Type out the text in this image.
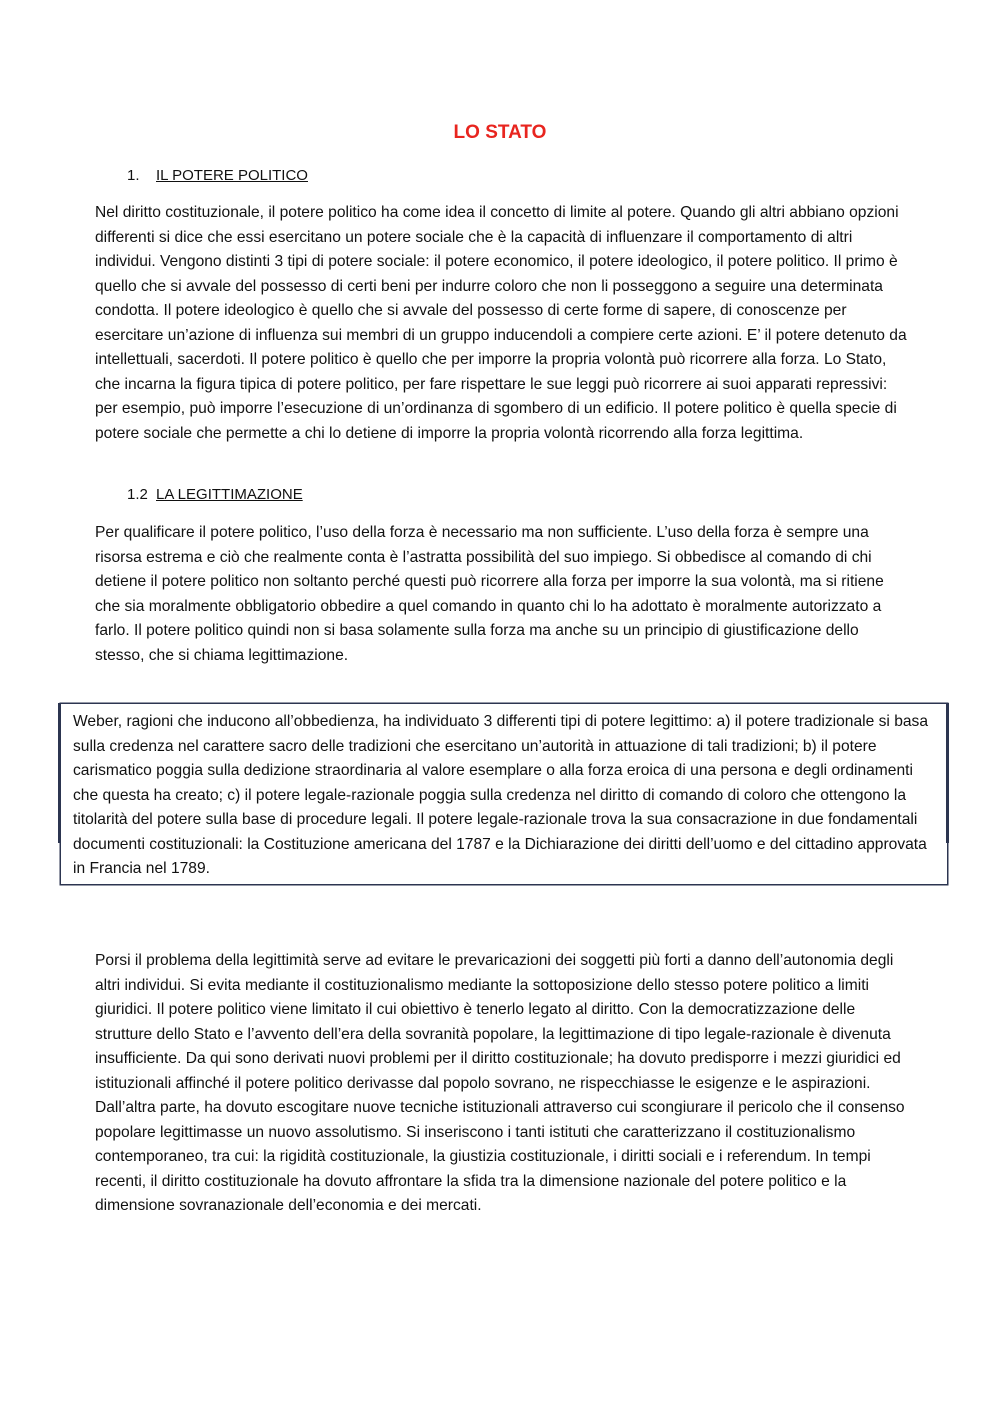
LO STATO
1.	IL POTERE POLITICO

Nel diritto costituzionale, il potere politico ha come idea il concetto di limite al potere. Quando gli altri abbiano opzioni differenti si dice che essi esercitano un potere sociale che è la capacità di influenzare il comportamento di altri individui. Vengono distinti 3 tipi di potere sociale: il potere economico, il potere ideologico, il potere politico. Il primo è quello che si avvale del possesso di certi beni per indurre coloro che non li posseggono a seguire una determinata condotta. Il potere ideologico è quello che si avvale del possesso di certe forme di sapere, di conoscenze per esercitare un’azione di influenza sui membri di un gruppo inducendoli a compiere certe azioni. E’ il potere detenuto da intellettuali, sacerdoti. Il potere politico è quello che per imporre la propria volontà può ricorrere alla forza. Lo Stato, che incarna la figura tipica di potere politico, per fare rispettare le sue leggi può ricorrere ai suoi apparati repressivi: per esempio, può imporre l’esecuzione di un’ordinanza di sgombero di un edificio. Il potere politico è quella specie di potere sociale che permette a chi lo detiene di imporre la propria volontà ricorrendo alla forza legittima.

1.2 LA LEGITTIMAZIONE

Per qualificare il potere politico, l’uso della forza è necessario ma non sufficiente. L’uso della forza è sempre una risorsa estrema e ciò che realmente conta è l’astratta possibilità del suo impiego. Si obbedisce al comando di chi detiene il potere politico non soltanto perché questi può ricorrere alla forza per imporre la sua volontà, ma si ritiene che sia moralmente obbligatorio obbedire a quel comando in quanto chi lo ha adottato è moralmente autorizzato a farlo. Il potere politico quindi non si basa solamente sulla forza ma anche su un principio di giustificazione dello stesso, che si chiama legittimazione.

Weber, ragioni che inducono all’obbedienza, ha individuato 3 differenti tipi di potere legittimo: a) il potere tradizionale si basa sulla credenza nel carattere sacro delle tradizioni che esercitano un’autorità in attuazione di tali tradizioni; b) il potere carismatico poggia sulla dedizione straordinaria al valore esemplare o alla forza eroica di una persona e degli ordinamenti che questa ha creato; c) il potere legale-razionale poggia sulla credenza nel diritto di comando di coloro che ottengono la titolarità del potere sulla base di procedure legali. Il potere legale-razionale trova la sua consacrazione in due fondamentali documenti costituzionali: la Costituzione americana del 1787 e la Dichiarazione dei diritti dell’uomo e del cittadino approvata in Francia nel 1789.

Porsi il problema della legittimità serve ad evitare le prevaricazioni dei soggetti più forti a danno dell’autonomia degli altri individui. Si evita mediante il costituzionalismo mediante la sottoposizione dello stesso potere politico a limiti giuridici. Il potere politico viene limitato il cui obiettivo è tenerlo legato al diritto. Con la democratizzazione delle strutture dello Stato e l’avvento dell’era della sovranità popolare, la legittimazione di tipo legale-razionale è divenuta insufficiente. Da qui sono derivati nuovi problemi per il diritto costituzionale; ha dovuto predisporre i mezzi giuridici ed istituzionali affinché il potere politico derivasse dal popolo sovrano, ne rispecchiasse le esigenze e le aspirazioni. Dall’altra parte, ha dovuto escogitare nuove tecniche istituzionali attraverso cui scongiurare il pericolo che il consenso popolare legittimasse un nuovo assolutismo. Si inseriscono i tanti istituti che caratterizzano il costituzionalismo contemporaneo, tra cui: la rigidità costituzionale, la giustizia costituzionale, i diritti sociali e i referendum. In tempi recenti, il diritto costituzionale ha dovuto affrontare la sfida tra la dimensione nazionale del potere politico e la dimensione sovranazionale dell’economia e dei mercati.
